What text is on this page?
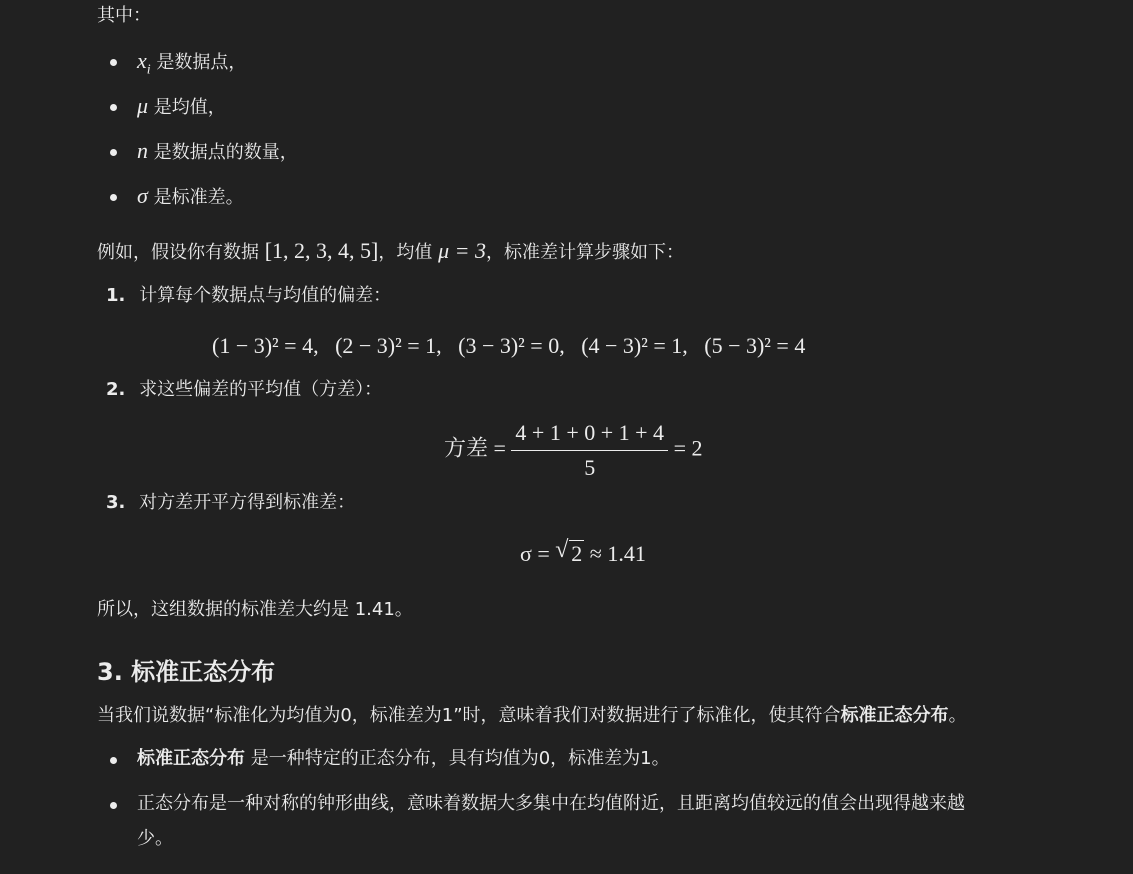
其中：
$x_i$ 是数据点，
μ 是均值，
n 是数据点的数量，
σ 是标准差。
例如，假设你有数据 [1, 2, 3, 4, 5]，均值 μ = 3，标准差计算步骤如下：
1. 计算每个数据点与均值的偏差：
(1 − 3)² = 4,   (2 − 3)² = 1,   (3 − 3)² = 0,   (4 − 3)² = 1,   (5 − 3)² = 4
2. 求这些偏差的平均值（方差）：
方差 = $\frac{4 + 1 + 0 + 1 + 4}{5} = 2$
3. 对方差开平方得到标准差：
σ = √ 2 ≈ 1.41
所以，这组数据的标准差大约是 1.41。
3. 标准正态分布
当我们说数据“标准化为均值为0，标准差为1”时，意味着我们对数据进行了标准化，使其符合标准正态分布。
标准正态分布 是一种特定的正态分布，具有均值为0，标准差为1。
正态分布是一种对称的钟形曲线，意味着数据大多集中在均值附近，且距离均值较远的值会出现得越来越
少。
